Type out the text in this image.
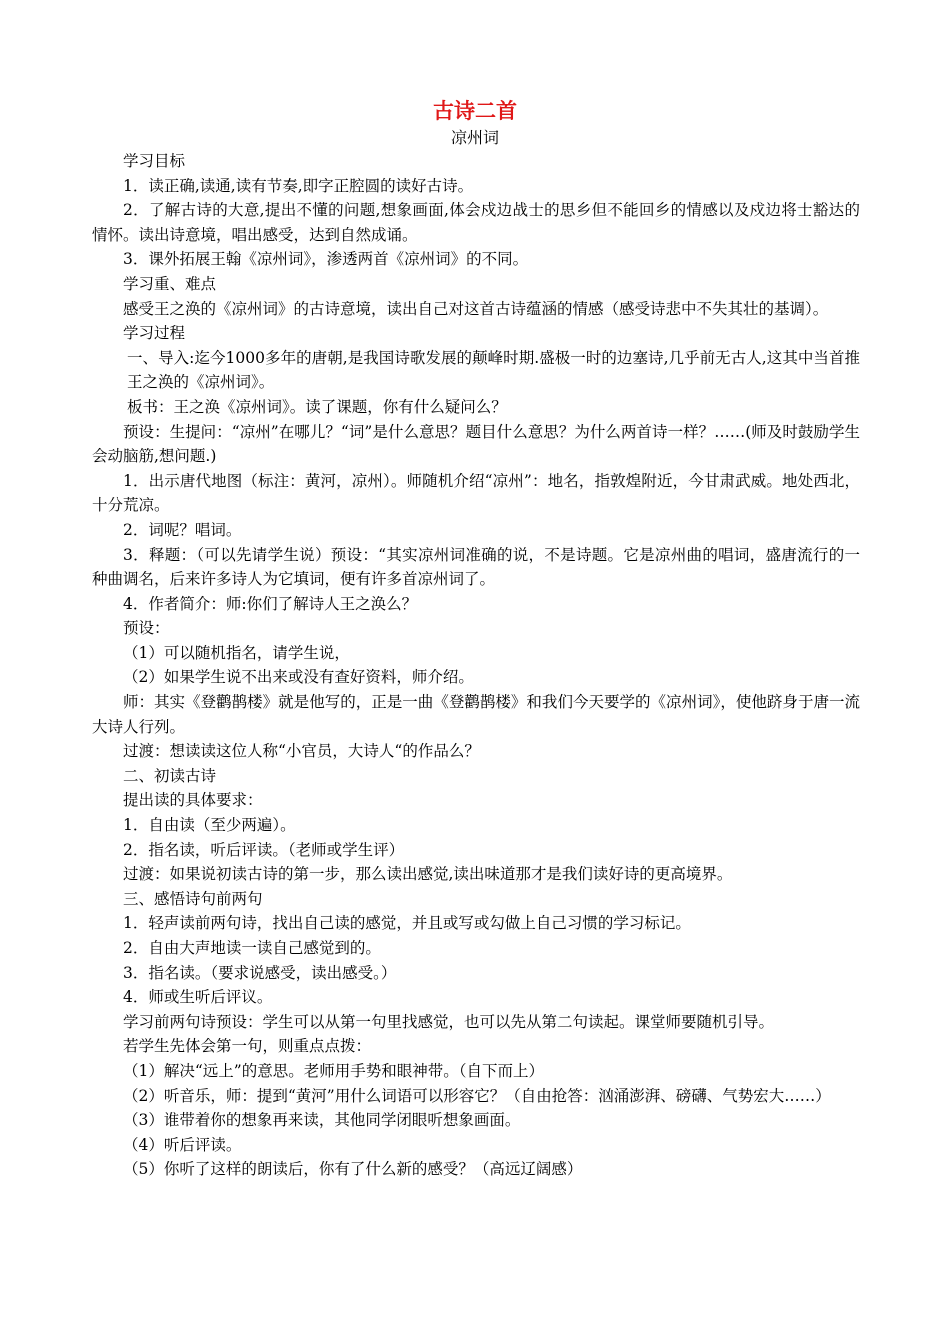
古诗二首
凉州词
学习目标
1．读正确,读通,读有节奏,即字正腔圆的读好古诗。
2．了解古诗的大意,提出不懂的问题,想象画面,体会戍边战士的思乡但不能回乡的情感以及戍边将士豁达的情怀。读出诗意境，唱出感受，达到自然成诵。
3．课外拓展王翰《凉州词》，渗透两首《凉州词》的不同。
学习重、难点
感受王之涣的《凉州词》的古诗意境，读出自己对这首古诗蕴涵的情感（感受诗悲中不失其壮的基调）。
学习过程
一、导入:迄今1000多年的唐朝,是我国诗歌发展的颠峰时期.盛极一时的边塞诗,几乎前无古人,这其中当首推王之涣的《凉州词》。
板书：王之涣《凉州词》。读了课题，你有什么疑问么？
预设：生提问：“凉州”在哪儿？“词”是什么意思？题目什么意思？为什么两首诗一样？……(师及时鼓励学生会动脑筋,想问题.)
1．出示唐代地图（标注：黄河，凉州）。师随机介绍“凉州”：地名，指敦煌附近，今甘肃武威。地处西北，十分荒凉。
2．词呢？唱词。
3．释题：（可以先请学生说）预设：“其实凉州词准确的说，不是诗题。它是凉州曲的唱词，盛唐流行的一种曲调名，后来许多诗人为它填词，便有许多首凉州词了。
4．作者简介：师:你们了解诗人王之涣么？
预设：
（1）可以随机指名，请学生说，
（2）如果学生说不出来或没有查好资料，师介绍。
师：其实《登鹳鹊楼》就是他写的，正是一曲《登鹳鹊楼》和我们今天要学的《凉州词》，使他跻身于唐一流大诗人行列。
过渡：想读读这位人称“小官员，大诗人“的作品么？
二、初读古诗
提出读的具体要求：
1．自由读（至少两遍）。
2．指名读，听后评读。（老师或学生评）
过渡：如果说初读古诗的第一步，那么读出感觉,读出味道那才是我们读好诗的更高境界。
三、感悟诗句前两句
1．轻声读前两句诗，找出自己读的感觉，并且或写或勾做上自己习惯的学习标记。
2．自由大声地读一读自己感觉到的。
3．指名读。（要求说感受，读出感受。）
4．师或生听后评议。
学习前两句诗预设：学生可以从第一句里找感觉，也可以先从第二句读起。课堂师要随机引导。
若学生先体会第一句，则重点点拨：
（1）解决“远上”的意思。老师用手势和眼神带。（自下而上）
（2）听音乐，师：提到“黄河”用什么词语可以形容它？（自由抢答：汹涌澎湃、磅礴、气势宏大……）
（3）谁带着你的想象再来读，其他同学闭眼听想象画面。
（4）听后评读。
（5）你听了这样的朗读后，你有了什么新的感受？（高远辽阔感）
